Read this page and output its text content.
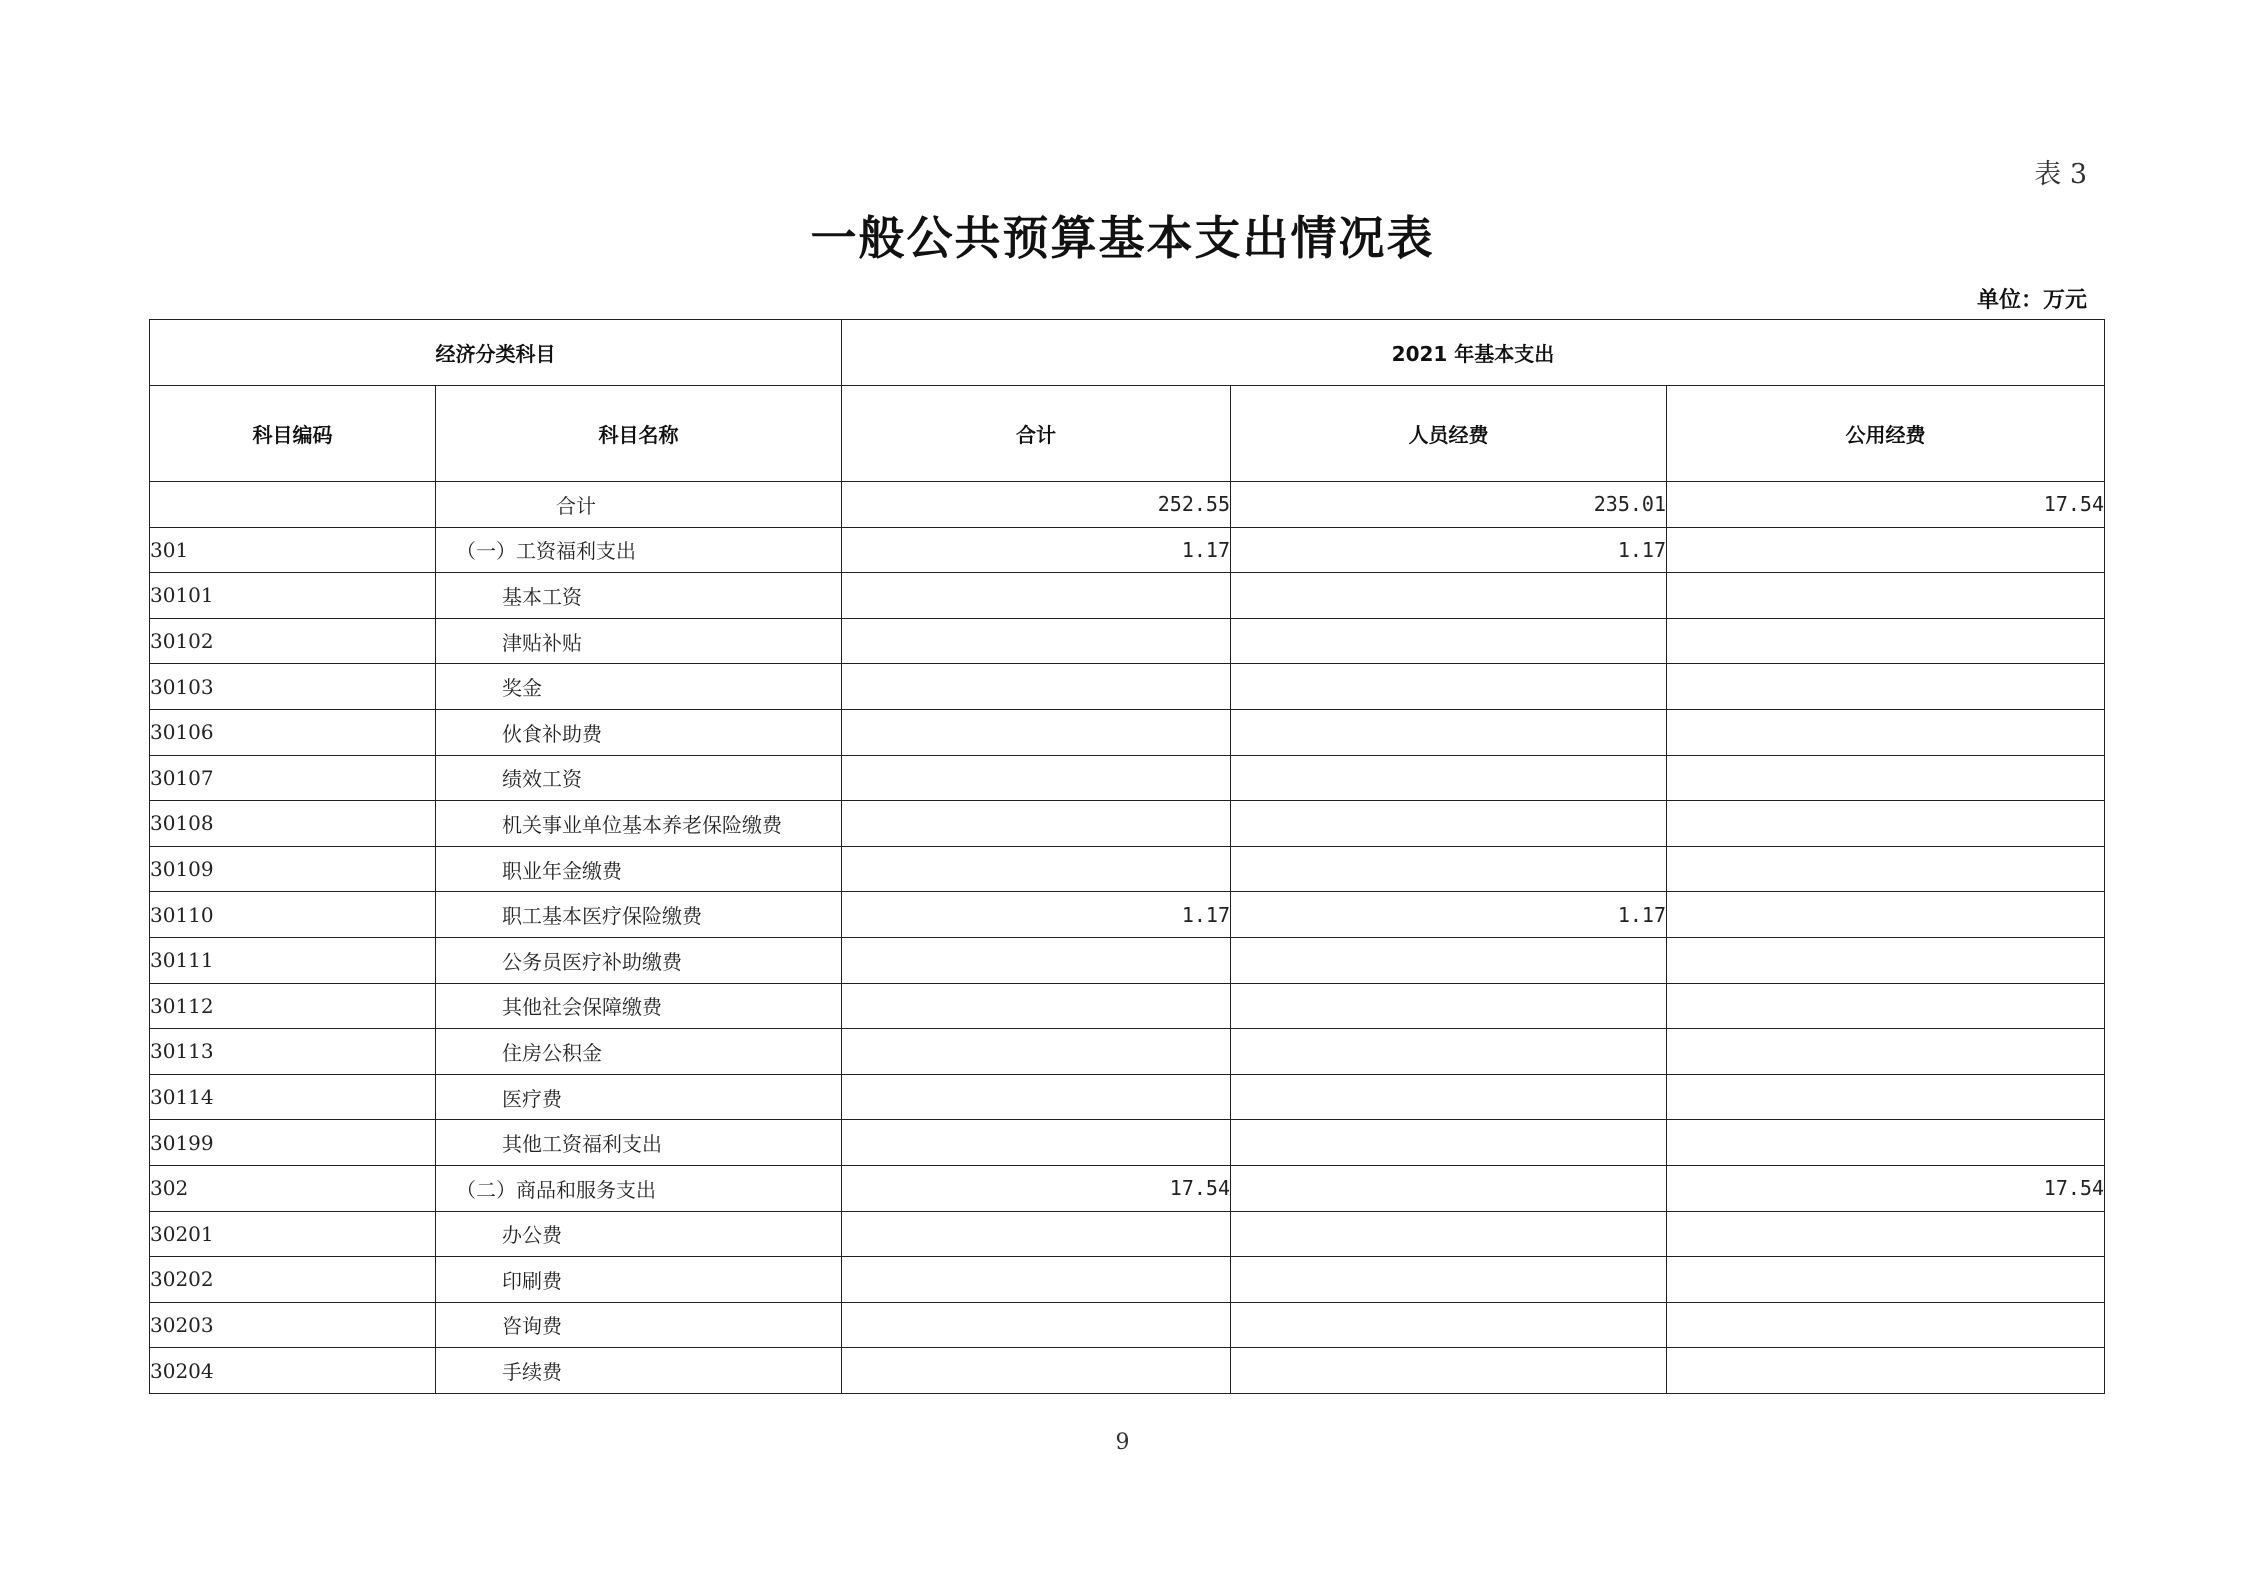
表 3
一般公共预算基本支出情况表
单位：万元
经济分类科目		2021 年基本支出		
科目编码	科目名称	合计	人员经费	公用经费
	合计	252.55	235.01	17.54
301	（一）工资福利支出	1.17	1.17	
30101	基本工资			
30102	津贴补贴			
30103	奖金			
30106	伙食补助费			
30107	绩效工资			
30108	机关事业单位基本养老保险缴费			
30109	职业年金缴费			
30110	职工基本医疗保险缴费	1.17	1.17	
30111	公务员医疗补助缴费			
30112	其他社会保障缴费			
30113	住房公积金			
30114	医疗费			
30199	其他工资福利支出			
302	（二）商品和服务支出	17.54		17.54
30201	办公费			
30202	印刷费			
30203	咨询费			
30204	手续费			
9
